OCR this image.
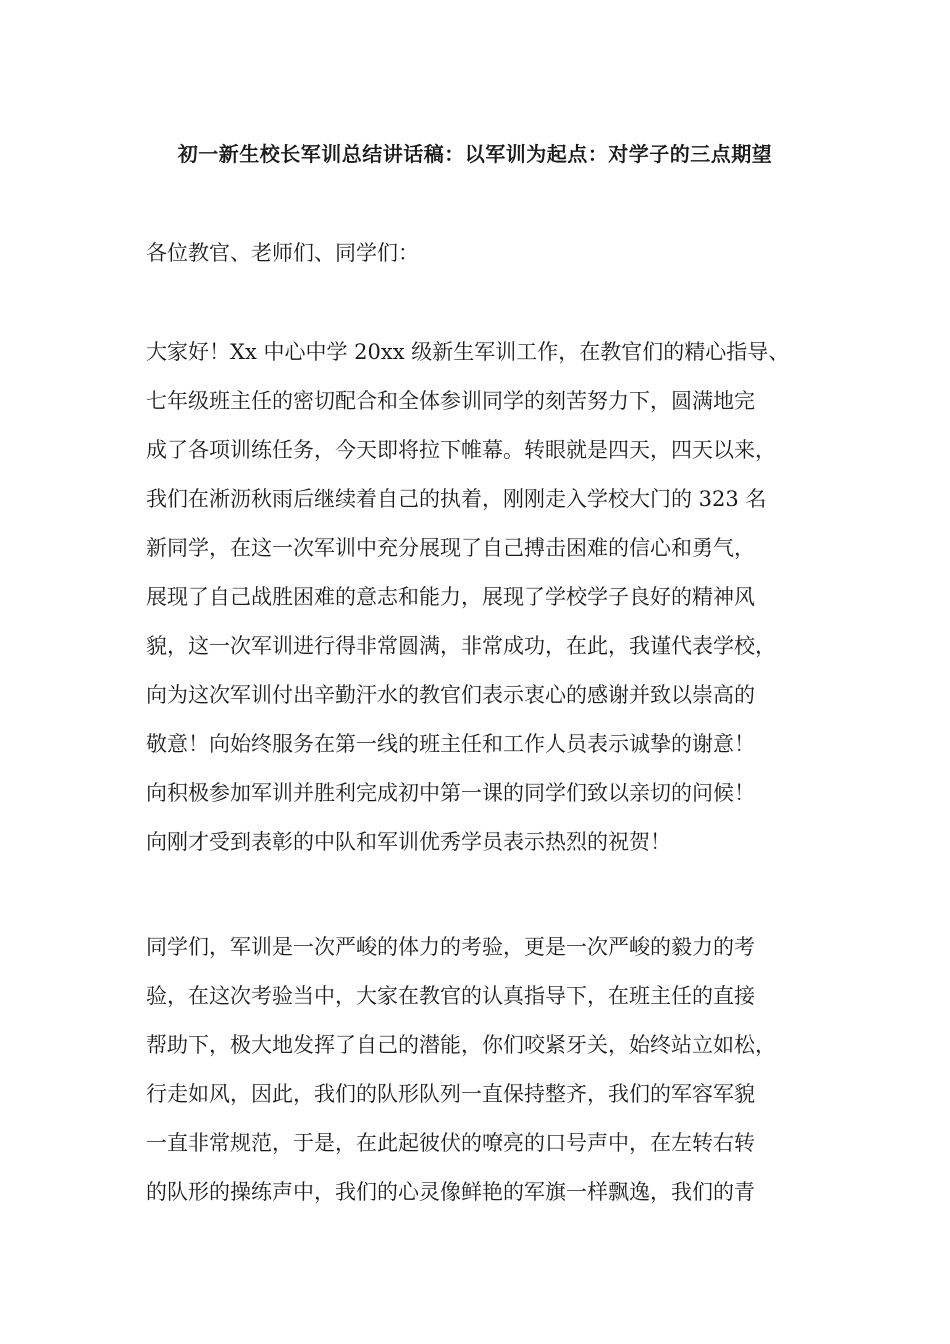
初一新生校长军训总结讲话稿：以军训为起点：对学子的三点期望

各位教官、老师们、同学们：

大家好！Xx 中心中学 20xx 级新生军训工作，在教官们的精心指导、
七年级班主任的密切配合和全体参训同学的刻苦努力下，圆满地完
成了各项训练任务，今天即将拉下帷幕。转眼就是四天，四天以来，
我们在淅沥秋雨后继续着自己的执着，刚刚走入学校大门的 323 名
新同学，在这一次军训中充分展现了自己搏击困难的信心和勇气，
展现了自己战胜困难的意志和能力，展现了学校学子良好的精神风
貌，这一次军训进行得非常圆满，非常成功，在此，我谨代表学校，
向为这次军训付出辛勤汗水的教官们表示衷心的感谢并致以崇高的
敬意！向始终服务在第一线的班主任和工作人员表示诚挚的谢意！
向积极参加军训并胜利完成初中第一课的同学们致以亲切的问候！
向刚才受到表彰的中队和军训优秀学员表示热烈的祝贺！
同学们，军训是一次严峻的体力的考验，更是一次严峻的毅力的考
验，在这次考验当中，大家在教官的认真指导下，在班主任的直接
帮助下，极大地发挥了自己的潜能，你们咬紧牙关，始终站立如松，
行走如风，因此，我们的队形队列一直保持整齐，我们的军容军貌
一直非常规范，于是，在此起彼伏的嘹亮的口号声中，在左转右转
的队形的操练声中，我们的心灵像鲜艳的军旗一样飘逸，我们的青
